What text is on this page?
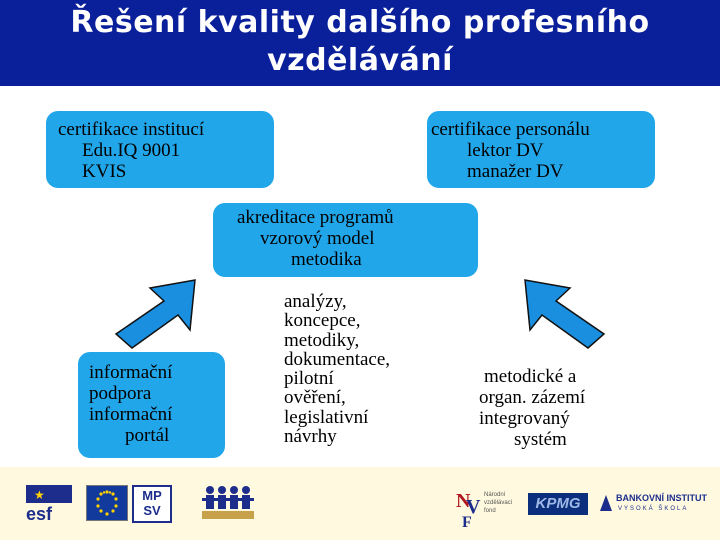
Řešení kvality dalšího profesního
vzdělávání
certifikace institucí
Edu.IQ 9001
KVIS
certifikace personálu
lektor DV
manažer DV
akreditace programů
vzorový model
metodika
informační
podpora
informační
portál
analýzy,
koncepce,
metodiky,
dokumentace,
pilotní
ověření,
legislativní
návrhy
metodické a
organ. zázemí
integrovaný
systém
★
esf
MP
SV	N
V
F
Národní
vzdělávací
fond	KPMG	BANKOVNÍ INSTITUT
VYSOKÁ ŠKOLA
